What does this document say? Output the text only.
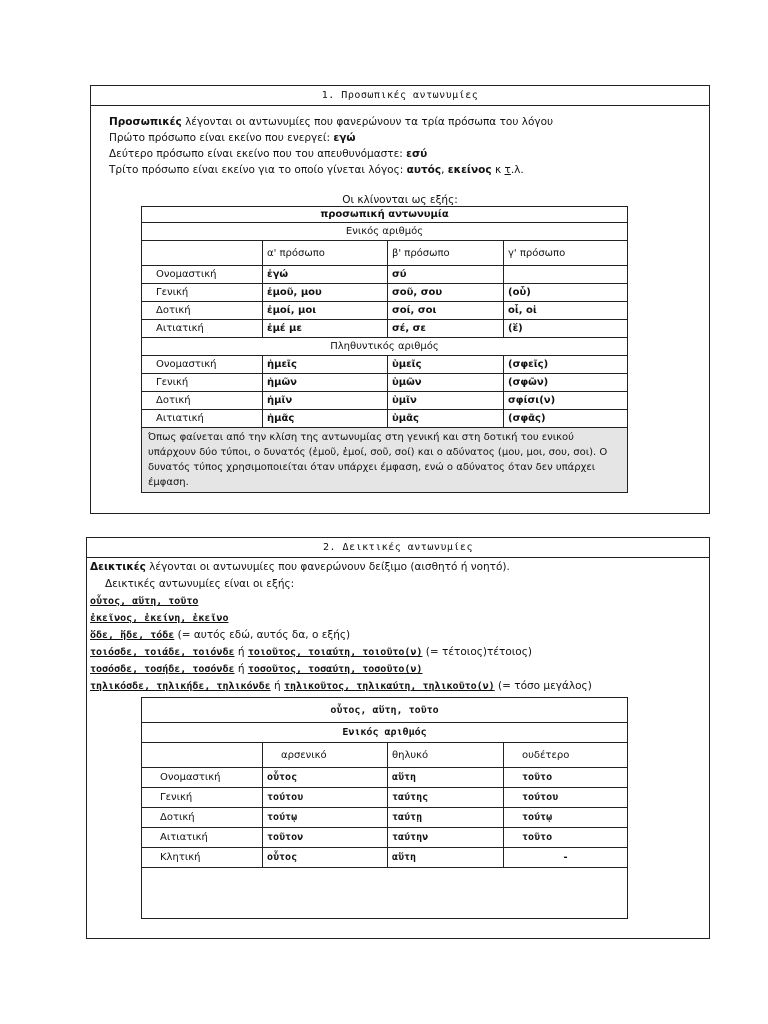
1. Προσωπικές αντωνυμίες
Προσωπικές λέγονται οι αντωνυμίες που φανερώνουν τα τρία πρόσωπα του λόγου
Πρώτο πρόσωπο είναι εκείνο που ενεργεί: εγώ
Δεύτερο πρόσωπο είναι εκείνο που του απευθυνόμαστε: εσύ
Τρίτο πρόσωπο είναι εκείνο για το οποίο γίνεται λόγος: αυτός, εκείνος κ τ.λ.
Οι κλίνονται ως εξής:
προσωπική αντωνυμία			
Ενικός αριθμός			
	α' πρόσωπο	β' πρόσωπο	γ' πρόσωπο
Ονομαστική	ἐγώ	σύ	
Γενική	ἐμοῦ, μου	σοῦ, σου	(οὗ)
Δοτική	ἐμοί, μοι	σοί, σοι	οἷ, οἱ
Αιτιατική	ἐμέ με	σέ, σε	(ἕ)
Πληθυντικός αριθμός			
Ονομαστική	ἡμεῖς	ὑμεῖς	(σφεῖς)
Γενική	ἡμῶν	ὑμῶν	(σφῶν)
Δοτική	ἡμῖν	ὑμῖν	σφίσι(ν)
Αιτιατική	ἡμᾶς	ὑμᾶς	(σφᾶς)
Όπως φαίνεται από την κλίση της αντωνυμίας στη γενική και στη δοτική του ενικού υπάρχουν δύο τύποι, ο δυνατός (ἐμοῦ, ἐμοί, σοῦ, σοί) και ο αδύνατος (μου, μοι, σου, σοι). Ο δυνατός τύπος χρησιμοποιείται όταν υπάρχει έμφαση, ενώ ο αδύνατος όταν δεν υπάρχει έμφαση.			
2. Δεικτικές αντωνυμίες
Δεικτικές λέγονται οι αντωνυμίες που φανερώνουν δείξιμο (αισθητό ή νοητό).
Δεικτικές αντωνυμίες είναι οι εξής:
οὗτος, αὕτη, τοῦτο
ἐκεῖνος, ἐκείνη, ἐκεῖνο
ὅδε, ἥδε, τόδε (= αυτός εδώ, αυτός δα, ο εξής)
τοιόσδε, τοιάδε, τοιόνδε ή τοιοῦτος, τοιαύτη, τοιοῦτο(ν) (= τέτοιος)τέτοιος)
τοσόσδε, τοσήδε, τοσόνδε ή τοσοῦτος, τοσαύτη, τοσοῦτο(ν)
τηλικόσδε, τηλικήδε, τηλικόνδε ή τηλικοῦτος, τηλικαύτη, τηλικοῦτο(ν) (= τόσο μεγάλος)
οὗτος, αὕτη, τοῦτο			
Ενικός αριθμός			
	αρσενικό	θηλυκό	ουδέτερο
Ονομαστική	οὗτος	αὕτη	τοῦτο
Γενική	τούτου	ταύτης	τούτου
Δοτική	τούτῳ	ταύτῃ	τούτῳ
Αιτιατική	τοῦτον	ταύτην	τοῦτο
Κλητική	οὗτος	αὕτη	-
